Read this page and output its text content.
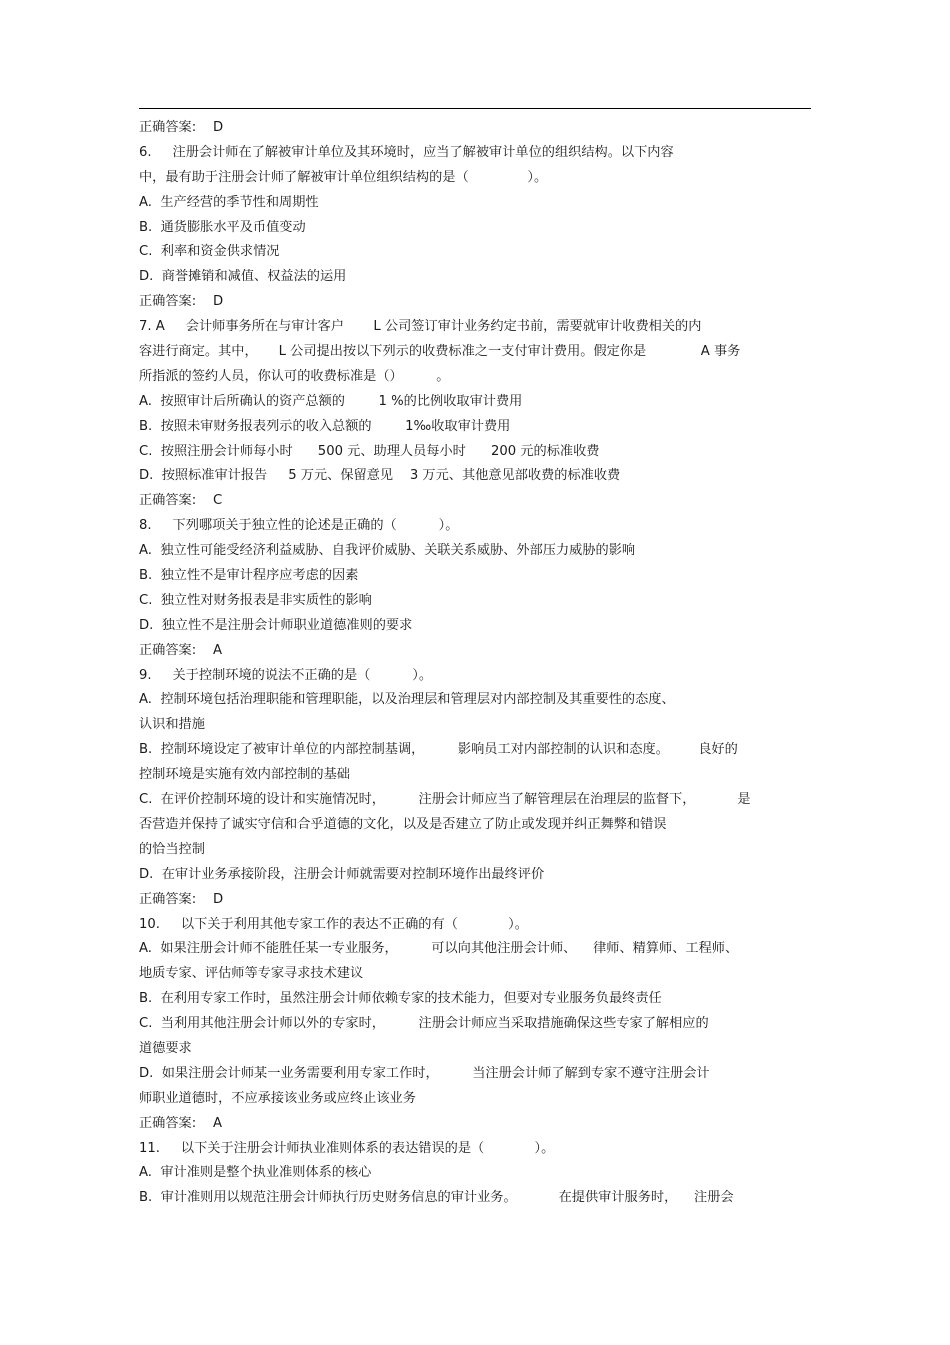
正确答案:    D
6.     注册会计师在了解被审计单位及其环境时，应当了解被审计单位的组织结构。以下内容
中，最有助于注册会计师了解被审计单位组织结构的是（              ）。
A.  生产经营的季节性和周期性
B.  通货膨胀水平及币值变动
C.  利率和资金供求情况
D.  商誉摊销和减值、权益法的运用
正确答案:    D
7. A     会计师事务所在与审计客户       L 公司签订审计业务约定书前，需要就审计收费相关的内
容进行商定。其中，     L 公司提出按以下列示的收费标准之一支付审计费用。假定你是             A 事务
所指派的签约人员，你认可的收费标准是（）        。
A.  按照审计后所确认的资产总额的        1 %的比例收取审计费用
B.  按照未审财务报表列示的收入总额的        1‰收取审计费用
C.  按照注册会计师每小时      500 元、助理人员每小时      200 元的标准收费
D.  按照标准审计报告     5 万元、保留意见    3 万元、其他意见部收费的标准收费
正确答案:    C
8.     下列哪项关于独立性的论述是正确的（          ）。
A.  独立性可能受经济利益威胁、自我评价威胁、关联关系威胁、外部压力威胁的影响
B.  独立性不是审计程序应考虑的因素
C.  独立性对财务报表是非实质性的影响
D.  独立性不是注册会计师职业道德准则的要求
正确答案:    A
9.     关于控制环境的说法不正确的是（          ）。
A.  控制环境包括治理职能和管理职能，以及治理层和管理层对内部控制及其重要性的态度、
认识和措施
B.  控制环境设定了被审计单位的内部控制基调，        影响员工对内部控制的认识和态度。       良好的
控制环境是实施有效内部控制的基础
C.  在评价控制环境的设计和实施情况时，        注册会计师应当了解管理层在治理层的监督下，          是
否营造并保持了诚实守信和合乎道德的文化，以及是否建立了防止或发现并纠正舞弊和错误
的恰当控制
D.  在审计业务承接阶段，注册会计师就需要对控制环境作出最终评价
正确答案:    D
10.     以下关于利用其他专家工作的表达不正确的有（            ）。
A.  如果注册会计师不能胜任某一专业服务，        可以向其他注册会计师、    律师、精算师、工程师、
地质专家、评估师等专家寻求技术建议
B.  在利用专家工作时，虽然注册会计师依赖专家的技术能力，但要对专业服务负最终责任
C.  当利用其他注册会计师以外的专家时，        注册会计师应当采取措施确保这些专家了解相应的
道德要求
D.  如果注册会计师某一业务需要利用专家工作时，        当注册会计师了解到专家不遵守注册会计
师职业道德时，不应承接该业务或应终止该业务
正确答案:    A
11.     以下关于注册会计师执业准则体系的表达错误的是（            ）。
A.  审计准则是整个执业准则体系的核心
B.  审计准则用以规范注册会计师执行历史财务信息的审计业务。          在提供审计服务时，    注册会
